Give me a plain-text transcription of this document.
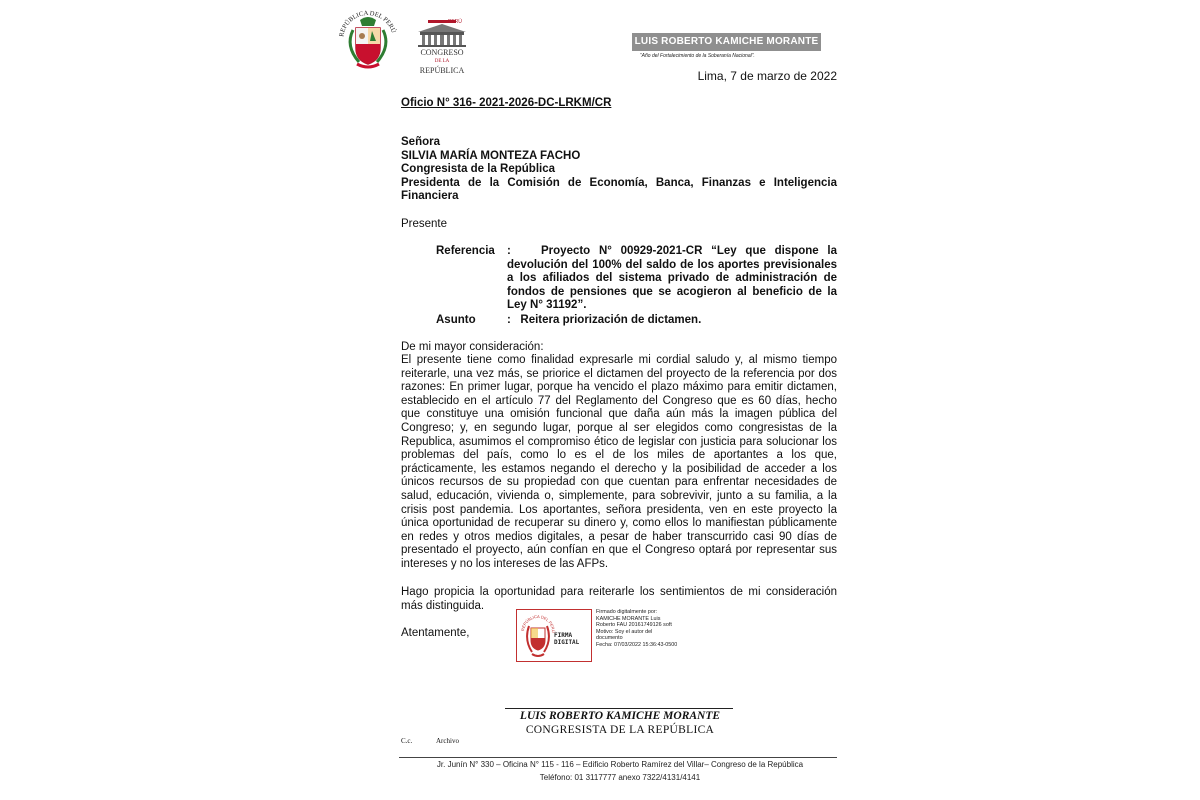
REPÚBLICA DEL PERÚ
PERÚ
CONGRESO
DE LA
REPÚBLICA
LUIS ROBERTO KAMICHE MORANTE
“Año del Fortalecimiento de la Soberanía Nacional”.
Lima, 7 de marzo de 2022
Oficio N° 316- 2021-2026-DC-LRKM/CR
Señora
SILVIA MARÍA MONTEZA FACHO
Congresista de la República
Presidenta de la Comisión de Economía, Banca, Finanzas e Inteligencia Financiera
Presente
Referencia :	Proyecto N° 00929-2021-CR “Ley que dispone la devolución del 100% del saldo de los aportes previsionales a los afiliados del sistema privado de administración de fondos de pensiones que se acogieron al beneficio de la Ley N° 31192”.
Asunto	:   Reitera priorización de dictamen.
De mi mayor consideración:
El presente tiene como finalidad expresarle mi cordial saludo y, al mismo tiempo reiterarle, una vez más, se priorice el dictamen del proyecto de la referencia por dos razones: En primer lugar, porque ha vencido el plazo máximo para emitir dictamen, establecido en el artículo 77 del Reglamento del Congreso que es 60 días, hecho que constituye una omisión funcional que daña aún más la imagen pública del Congreso; y, en segundo lugar, porque al ser elegidos como congresistas de la Republica, asumimos el compromiso ético de legislar con justicia para solucionar los problemas del país, como lo es el de los miles de aportantes a los que, prácticamente, les estamos negando el derecho y la posibilidad de acceder a los únicos recursos de su propiedad con que cuentan para enfrentar necesidades de salud, educación, vivienda o, simplemente, para sobrevivir, junto a su familia, a la crisis post pandemia. Los aportantes, señora presidenta, ven en este proyecto la única oportunidad de recuperar su dinero y, como ellos lo manifiestan públicamente en redes y otros medios digitales, a pesar de haber transcurrido casi 90 días de presentado el proyecto, aún confían en que el Congreso optará por representar sus intereses y no los intereses de las AFPs.
Hago propicia la oportunidad para reiterarle los sentimientos de mi consideración más distinguida.
Atentamente,	REPÚBLICA DEL PERÚ
FIRMA
DIGITAL
Firmado digitalmente por:
KAMICHE MORANTE Luis
Roberto FAU 20161749126 soft
Motivo: Soy el autor del
documento
Fecha: 07/03/2022 15:36:43-0500
LUIS ROBERTO KAMICHE MORANTE
CONGRESISTA DE LA REPÚBLICA
C.c.	Archivo
Jr. Junín N° 330 – Oficina N° 115 - 116 – Edificio Roberto Ramírez del Villar– Congreso de la República
Teléfono: 01 3117777 anexo 7322/4131/4141
